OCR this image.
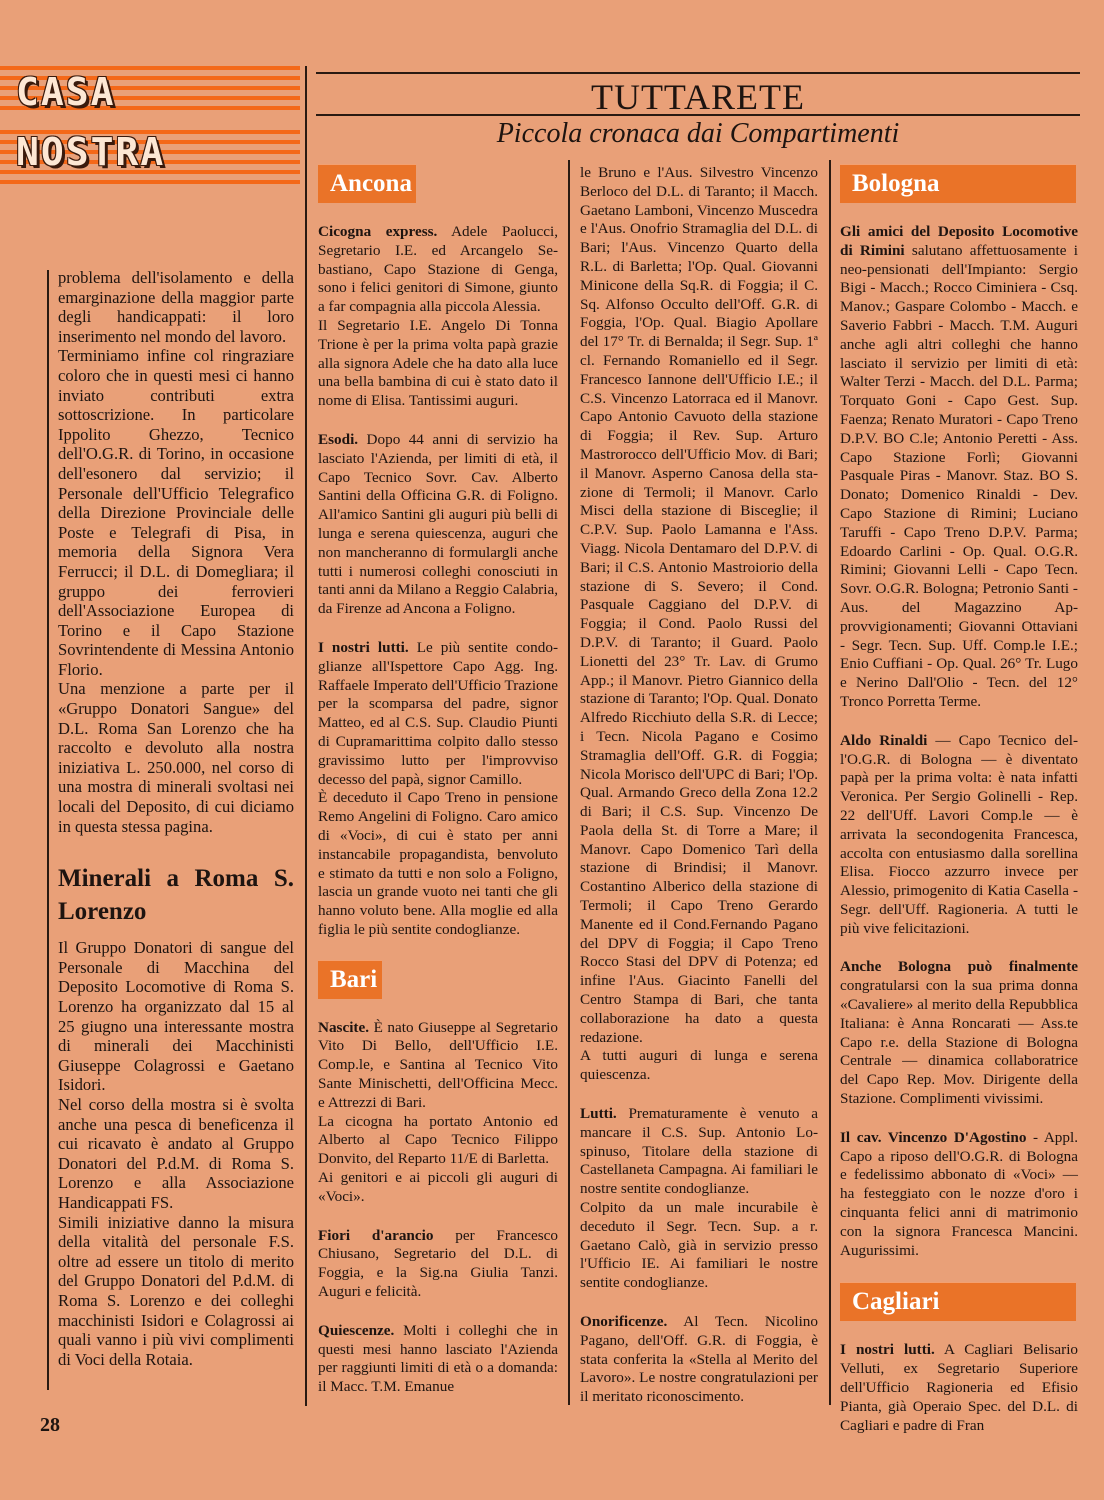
CASA
NOSTRA
TUTTARETE
Piccola cronaca dai Compartimenti

problema dell'isolamento e della emarginazione della maggior parte degli handicappati: il loro inserimento nel mondo del lavoro.

Terminiamo infine col ringraziare coloro che in questi mesi ci hanno inviato contributi extra sottoscrizione. In particolare Ippolito Ghezzo, Tecnico dell'O.G.R. di Torino, in occasione dell'esonero dal servizio; il Personale dell'Ufficio Telegrafico della Direzione Provinciale delle Poste e Telegrafi di Pisa, in memoria della Signora Vera Ferrucci; il D.L. di Domegliara; il gruppo dei ferrovieri dell'Associazione Europea di Torino e il Capo Stazione Sovrintendente di Messina Antonio Florio.

Una menzione a parte per il «Gruppo Donatori Sangue» del D.L. Roma San Lorenzo che ha raccolto e devoluto alla nostra iniziativa L. 250.000, nel corso di una mostra di minerali svoltasi nei locali del Deposito, di cui diciamo in questa stessa pagina.

Minerali a Roma S. Lorenzo

Il Gruppo Donatori di sangue del Personale di Macchina del Deposito Locomotive di Roma S. Lorenzo ha organizzato dal 15 al 25 giugno una interessante mostra di minerali dei Macchinisti Giuseppe Colagrossi e Gaetano Isidori.

Nel corso della mostra si è svolta anche una pesca di beneficenza il cui ricavato è andato al Gruppo Donatori del P.d.M. di Roma S. Lorenzo e alla Associazione Handicappati FS.

Simili iniziative danno la misura della vitalità del personale F.S. oltre ad essere un titolo di merito del Gruppo Donatori del P.d.M. di Roma S. Lorenzo e dei colleghi macchinisti Isidori e Colagrossi ai quali vanno i più vivi complimenti di Voci della Rotaia.

Ancona

Cicogna express. Adele Paolucci, Segretario I.E. ed Arcangelo Sebastiano, Capo Stazione di Genga, sono i felici genitori di Simone, giunto a far compagnia alla piccola Alessia.

Il Segretario I.E. Angelo Di Tonna Trione è per la prima volta papà grazie alla signora Adele che ha dato alla luce una bella bambina di cui è stato dato il nome di Elisa. Tantissimi auguri.

Esodi. Dopo 44 anni di servizio ha lasciato l'Azienda, per limiti di età, il Capo Tecnico Sovr. Cav. Alberto Santini della Officina G.R. di Foligno. All'amico Santini gli auguri più belli di lunga e serena quiescenza, auguri che non mancheranno di formulargli anche tutti i numerosi colleghi conosciuti in tanti anni da Milano a Reggio Calabria, da Firenze ad Ancona a Foligno.

I nostri lutti. Le più sentite condoglianze all'Ispettore Capo Agg. Ing. Raffaele Imperato dell'Ufficio Trazione per la scomparsa del padre, signor Matteo, ed al C.S. Sup. Claudio Piunti di Cupramarittima colpito dallo stesso gravissimo lutto per l'improvviso decesso del papà, signor Camillo.

È deceduto il Capo Treno in pensione Remo Angelini di Foligno. Caro amico di «Voci», di cui è stato per anni instancabile propagandista, benvoluto e stimato da tutti e non solo a Foligno, lascia un grande vuoto nei tanti che gli hanno voluto bene. Alla moglie ed alla figlia le più sentite condoglianze.

Bari

Nascite. È nato Giuseppe al Segretario Vito Di Bello, dell'Ufficio I.E. Comp.le, e Santina al Tecnico Vito Sante Minischetti, dell'Officina Mecc. e Attrezzi di Bari.

La cicogna ha portato Antonio ed Alberto al Capo Tecnico Filippo Donvito, del Reparto 11/E di Barletta.

Ai genitori e ai piccoli gli auguri di «Voci».

Fiori d'arancio per Francesco Chiusano, Segretario del D.L. di Foggia, e la Sig.na Giulia Tanzi. Auguri e felicità.

Quiescenze. Molti i colleghi che in questi mesi hanno lasciato l'Azienda per raggiunti limiti di età o a domanda: il Macc. T.M. Emanue

le Bruno e l'Aus. Silvestro Vincenzo Berloco del D.L. di Taranto; il Macch. Gaetano Lamboni, Vincenzo Muscedra e l'Aus. Onofrio Stramaglia del D.L. di Bari; l'Aus. Vincenzo Quarto della R.L. di Barletta; l'Op. Qual. Giovanni Minicone della Sq.R. di Foggia; il C. Sq. Alfonso Occulto dell'Off. G.R. di Foggia, l'Op. Qual. Biagio Apollare del 17° Tr. di Bernalda; il Segr. Sup. 1ª cl. Fernando Romaniello ed il Segr. Francesco Iannone dell'Ufficio I.E.; il C.S. Vincenzo Latorraca ed il Manovr. Capo Antonio Cavuoto della stazione di Foggia; il Rev. Sup. Arturo Mastrorocco dell'Ufficio Mov. di Bari; il Manovr. Asperno Canosa della stazione di Termoli; il Manovr. Carlo Misci della stazione di Bisceglie; il C.P.V. Sup. Paolo Lamanna e l'Ass. Viagg. Nicola Dentamaro del D.P.V. di Bari; il C.S. Antonio Mastroiorio della stazione di S. Severo; il Cond. Pasquale Caggiano del D.P.V. di Foggia; il Cond. Paolo Russi del D.P.V. di Taranto; il Guard. Paolo Lionetti del 23° Tr. Lav. di Grumo App.; il Manovr. Pietro Giannico della stazione di Taranto; l'Op. Qual. Donato Alfredo Ricchiuto della S.R. di Lecce; i Tecn. Nicola Pagano e Cosimo Stramaglia dell'Off. G.R. di Foggia; Nicola Morisco dell'UPC di Bari; l'Op. Qual. Armando Greco della Zona 12.2 di Bari; il C.S. Sup. Vincenzo De Paola della St. di Torre a Mare; il Manovr. Capo Domenico Tarì della stazione di Brindisi; il Manovr. Costantino Alberico della stazione di Termoli; il Capo Treno Gerardo Manente ed il Cond.Fernando Pagano del DPV di Foggia; il Capo Treno Rocco Stasi del DPV di Potenza; ed infine l'Aus. Giacinto Fanelli del Centro Stampa di Bari, che tanta collaborazione ha dato a questa redazione.

A tutti auguri di lunga e serena quiescenza.

Lutti. Prematuramente è venuto a mancare il C.S. Sup. Antonio Lospinuso, Titolare della stazione di Castellaneta Campagna. Ai familiari le nostre sentite condoglianze.

Colpito da un male incurabile è deceduto il Segr. Tecn. Sup. a r. Gaetano Calò, già in servizio presso l'Ufficio IE. Ai familiari le nostre sentite condoglianze.

Onorificenze. Al Tecn. Nicolino Pagano, dell'Off. G.R. di Foggia, è stata conferita la «Stella al Merito del Lavoro». Le nostre congratulazioni per il meritato riconoscimento.

Bologna

Gli amici del Deposito Locomotive di Rimini salutano affettuosamente i neo-pensionati dell'Impianto: Sergio Bigi - Macch.; Rocco Ciminiera - Csq. Manov.; Gaspare Colombo - Macch. e Saverio Fabbri - Macch. T.M. Auguri anche agli altri colleghi che hanno lasciato il servizio per limiti di età: Walter Terzi - Macch. del D.L. Parma; Torquato Goni - Capo Gest. Sup. Faenza; Renato Muratori - Capo Treno D.P.V. BO C.le; Antonio Peretti - Ass. Capo Stazione Forlì; Giovanni Pasquale Piras - Manovr. Staz. BO S. Donato; Domenico Rinaldi - Dev. Capo Stazione di Rimini; Luciano Taruffi - Capo Treno D.P.V. Parma; Edoardo Carlini - Op. Qual. O.G.R. Rimini; Giovanni Lelli - Capo Tecn. Sovr. O.G.R. Bologna; Petronio Santi - Aus. del Magazzino Approvvigionamenti; Giovanni Ottaviani - Segr. Tecn. Sup. Uff. Comp.le I.E.; Enio Cuffiani - Op. Qual. 26° Tr. Lugo e Nerino Dall'Olio - Tecn. del 12° Tronco Porretta Terme.

Aldo Rinaldi — Capo Tecnico dell'O.G.R. di Bologna — è diventato papà per la prima volta: è nata infatti Veronica. Per Sergio Golinelli - Rep. 22 dell'Uff. Lavori Comp.le — è arrivata la secondogenita Francesca, accolta con entusiasmo dalla sorellina Elisa. Fiocco azzurro invece per Alessio, primogenito di Katia Casella - Segr. dell'Uff. Ragioneria. A tutti le più vive felicitazioni.

Anche Bologna può finalmente congratularsi con la sua prima donna «Cavaliere» al merito della Repubblica Italiana: è Anna Roncarati — Ass.te Capo r.e. della Stazione di Bologna Centrale — dinamica collaboratrice del Capo Rep. Mov. Dirigente della Stazione. Complimenti vivissimi.

Il cav. Vincenzo D'Agostino - Appl. Capo a riposo dell'O.G.R. di Bologna e fedelissimo abbonato di «Voci» — ha festeggiato con le nozze d'oro i cinquanta felici anni di matrimonio con la signora Francesca Mancini. Augurissimi.

Cagliari

I nostri lutti. A Cagliari Belisario Velluti, ex Segretario Superiore dell'Ufficio Ragioneria ed Efisio Pianta, già Operaio Spec. del D.L. di Cagliari e padre di Fran

28
